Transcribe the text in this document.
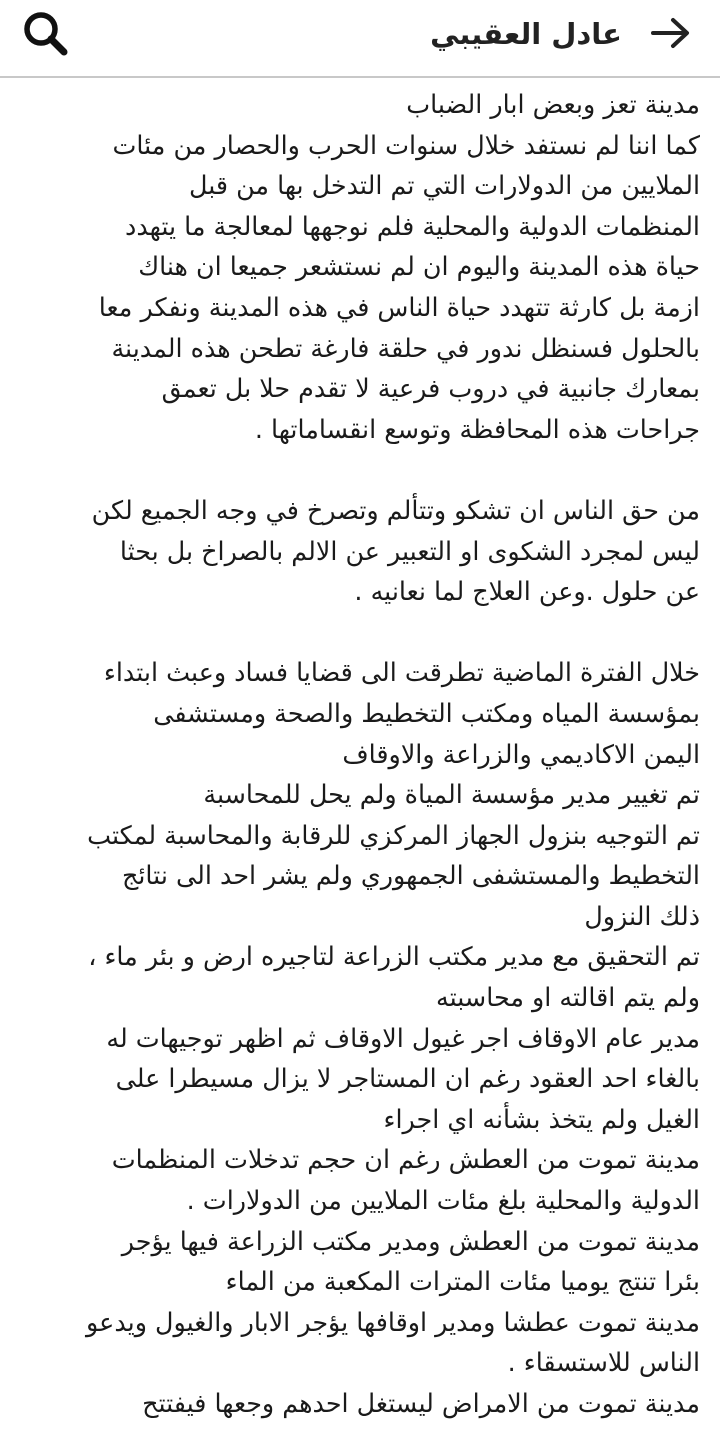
عادل العقيبي
مدينة تعز وبعض ابار الضباب
كما اننا لم نستفد خلال سنوات الحرب والحصار من مئات
الملايين من الدولارات التي تم التدخل بها من قبل
المنظمات الدولية والمحلية فلم نوجهها لمعالجة ما يتهدد
حياة هذه المدينة واليوم ان لم نستشعر جميعا ان هناك
ازمة بل كارثة تتهدد حياة الناس في هذه المدينة ونفكر معا
بالحلول فسنظل ندور في حلقة فارغة تطحن هذه المدينة
بمعارك جانبية في دروب فرعية لا تقدم حلا بل تعمق
جراحات هذه المحافظة وتوسع انقساماتها .
من حق الناس ان تشكو وتتألم وتصرخ في وجه الجميع لكن
ليس لمجرد الشكوى او التعبير عن الالم بالصراخ بل بحثا
عن حلول .وعن العلاج لما نعانيه .
خلال الفترة الماضية تطرقت الى قضايا فساد وعبث ابتداء
بمؤسسة المياه ومكتب التخطيط والصحة ومستشفى
اليمن الاكاديمي والزراعة والاوقاف
تم تغيير مدير مؤسسة المياة ولم يحل للمحاسبة
تم التوجيه بنزول الجهاز المركزي للرقابة والمحاسبة لمكتب
التخطيط والمستشفى الجمهوري ولم يشر احد الى نتائج
ذلك النزول
تم التحقيق مع مدير مكتب الزراعة لتاجيره ارض و بئر ماء ،
ولم يتم اقالته او محاسبته
مدير عام الاوقاف اجر غيول الاوقاف ثم اظهر توجيهات له
بالغاء احد العقود رغم ان المستاجر لا يزال مسيطرا على
الغيل ولم يتخذ بشأنه اي اجراء
مدينة تموت من العطش رغم ان حجم تدخلات المنظمات
الدولية والمحلية بلغ مئات الملايين من الدولارات .
مدينة تموت من العطش ومدير مكتب الزراعة فيها يؤجر
بئرا تنتج يوميا مئات المترات المكعبة من الماء
مدينة تموت عطشا ومدير اوقافها يؤجر الابار والغيول ويدعو
الناس للاستسقاء .
مدينة تموت من الامراض ليستغل احدهم وجعها فيفتتح
